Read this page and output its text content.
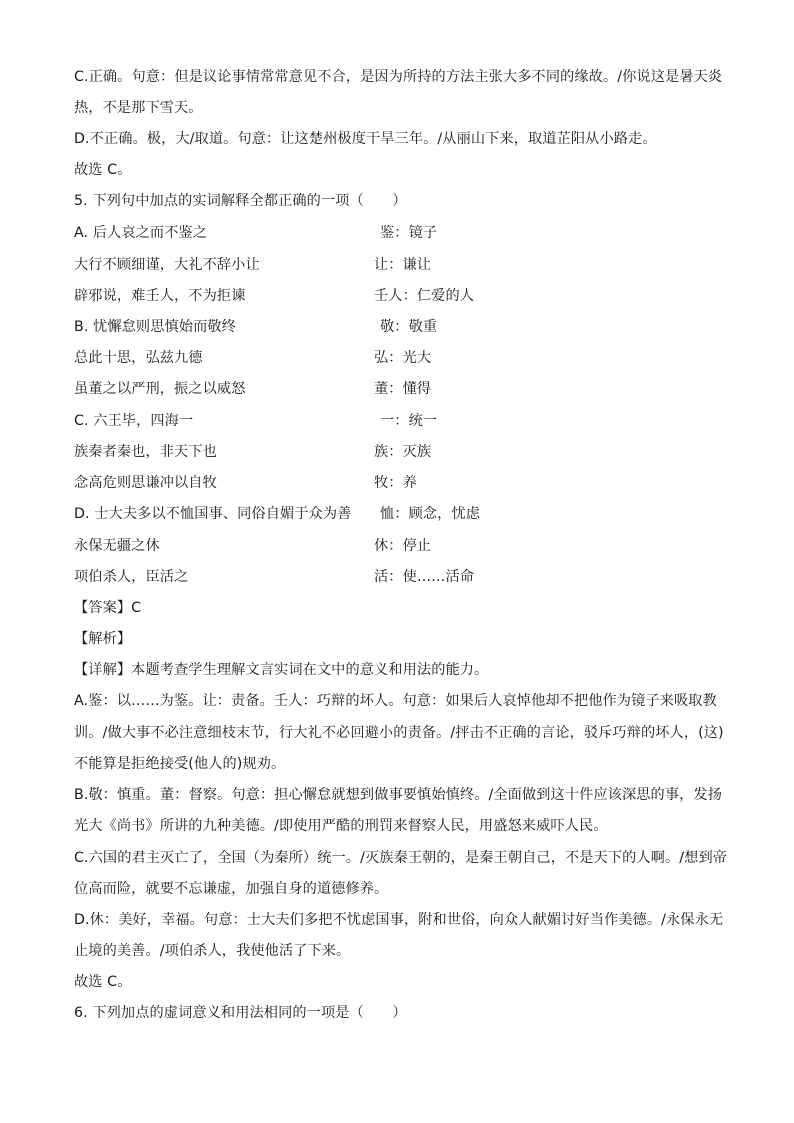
C.正确。句意：但是议论事情常常意见不合，是因为所持的方法主张大多不同的缘故。/你说这是暑天炎
热，不是那下雪天。
D.不正确。极，大/取道。句意：让这楚州极度干旱三年。/从丽山下来，取道芷阳从小路走。
故选 C。
5. 下列句中加点的实词解释全都正确的一项（　　）
A. 后人哀之而不鉴之	鉴：镜子
大行不顾细谨，大礼不辞小让	让：谦让
辟邪说，难壬人，不为拒谏	壬人：仁爱的人
B. 忧懈怠则思慎始而敬终	敬：敬重
总此十思，弘兹九德	弘：光大
虽董之以严刑，振之以威怒	董：懂得
C. 六王毕，四海一	一：统一
族秦者秦也，非天下也	族：灭族
念高危则思谦冲以自牧	牧：养
D. 士大夫多以不恤国事、同俗自媚于众为善 恤：顾念，忧虑
永保无疆之休	休：停止
项伯杀人，臣活之	活：使……活命
【答案】C
【解析】
【详解】本题考查学生理解文言实词在文中的意义和用法的能力。
A.鉴：以……为鉴。让：责备。壬人：巧辩的坏人。句意：如果后人哀悼他却不把他作为镜子来吸取教
训。/做大事不必注意细枝末节，行大礼不必回避小的责备。/抨击不正确的言论，驳斥巧辩的坏人，(这)
不能算是拒绝接受(他人的)规劝。
B.敬：慎重。董：督察。句意：担心懈怠就想到做事要慎始慎终。/全面做到这十件应该深思的事，发扬
光大《尚书》所讲的九种美德。/即使用严酷的刑罚来督察人民，用盛怒来威吓人民。
C.六国的君主灭亡了，全国（为秦所）统一。/灭族秦王朝的，是秦王朝自己，不是天下的人啊。/想到帝
位高而险，就要不忘谦虚，加强自身的道德修养。
D.休：美好，幸福。句意：士大夫们多把不忧虑国事，附和世俗，向众人献媚讨好当作美德。/永保永无
止境的美善。/项伯杀人，我使他活了下来。
故选 C。
6. 下列加点的虚词意义和用法相同的一项是（　　）
